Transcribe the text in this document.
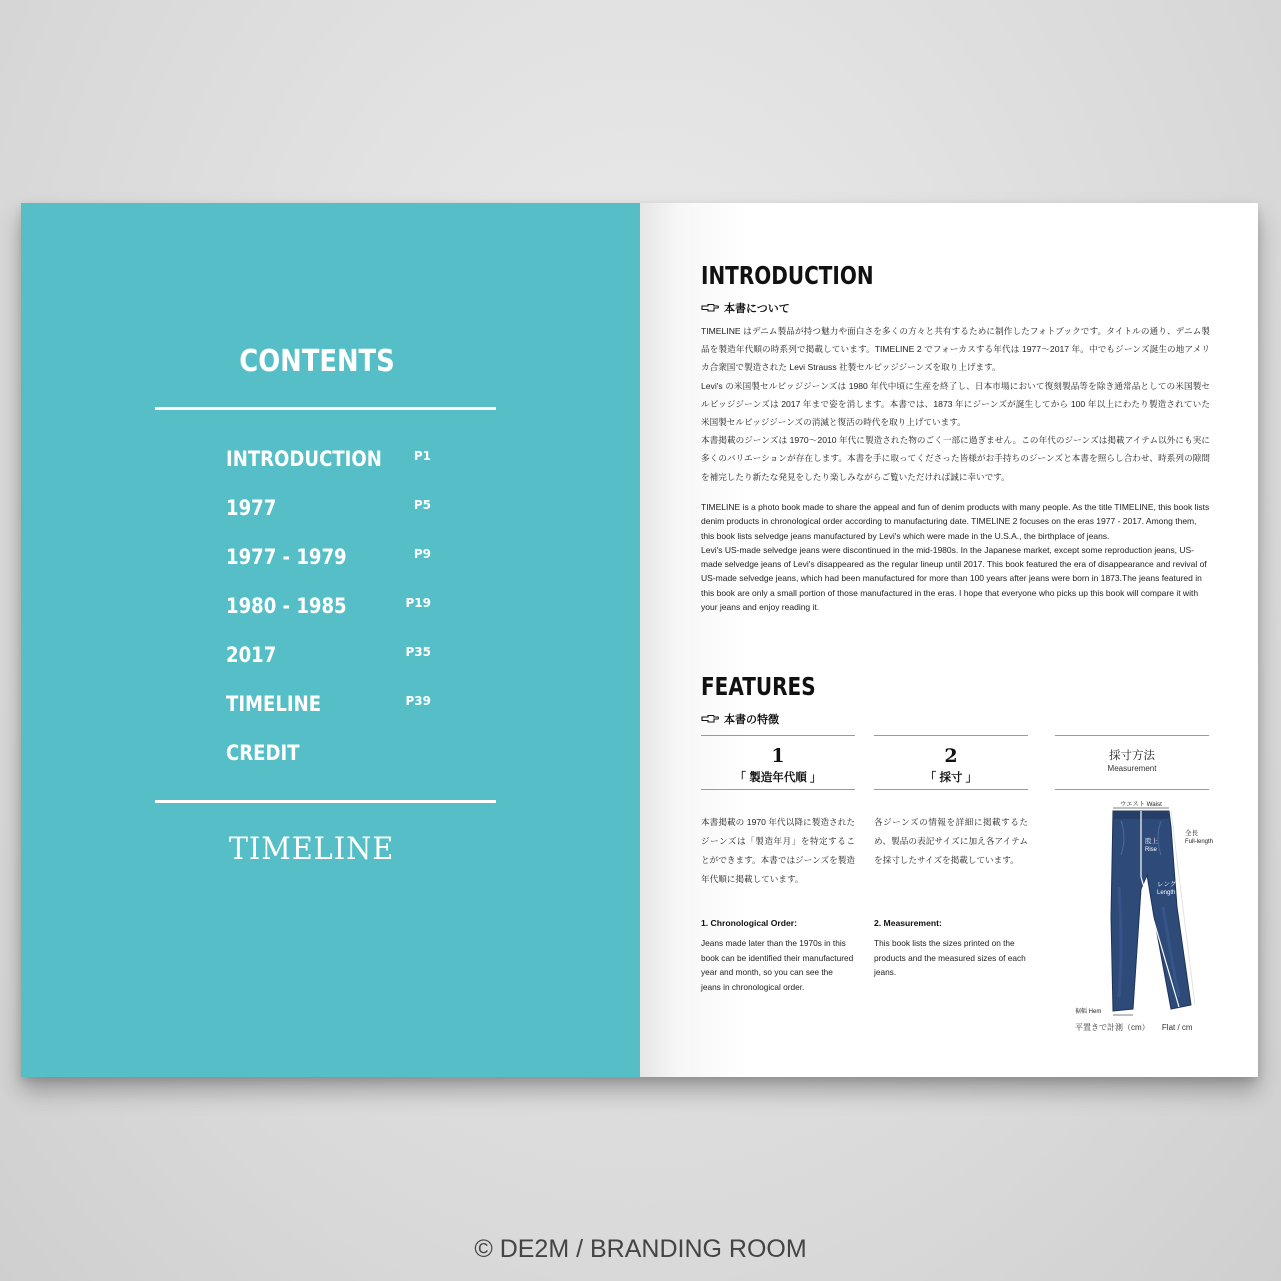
CONTENTS
INTRODUCTION	P1
1977	P5
1977 - 1979	P9
1980 - 1985	P19
2017	P35
TIMELINE	P39
CREDIT
TIMELINE
INTRODUCTION
本書について

TIMELINE はデニム製品が持つ魅力や面白さを多くの方々と共有するために制作したフォトブックです。タイトルの通り、デニム製品を製造年代順の時系列で掲載しています。TIMELINE 2 でフォーカスする年代は 1977〜2017 年。中でもジーンズ誕生の地アメリカ合衆国で製造された Levi Strauss 社製セルビッジジーンズを取り上げます。

Levi's の米国製セルビッジジーンズは 1980 年代中頃に生産を終了し、日本市場において復刻製品等を除き通常品としての米国製セルビッジジーンズは 2017 年まで姿を消します。本書では、1873 年にジーンズが誕生してから 100 年以上にわたり製造されていた米国製セルビッジジーンズの消滅と復活の時代を取り上げています。

本書掲載のジーンズは 1970〜2010 年代に製造された物のごく一部に過ぎません。この年代のジーンズは掲載アイテム以外にも実に多くのバリエーションが存在します。本書を手に取ってくださった皆様がお手持ちのジーンズと本書を照らし合わせ、時系列の隙間を補完したり新たな発見をしたり楽しみながらご覧いただければ誠に幸いです。

TIMELINE is a photo book made to share the appeal and fun of denim products with many people. As the title TIMELINE, this book lists denim products in chronological order according to manufacturing date. TIMELINE 2 focuses on the eras 1977 - 2017. Among them, this book lists selvedge jeans manufactured by Levi's which were made in the U.S.A., the birthplace of jeans.

Levi's US-made selvedge jeans were discontinued in the mid-1980s. In the Japanese market, except some reproduction jeans, US-made selvedge jeans of Levi's disappeared as the regular lineup until 2017. This book featured the era of disappearance and revival of US-made selvedge jeans, which had been manufactured for more than 100 years after jeans were born in 1873.The jeans featured in this book are only a small portion of those manufactured in the eras. I hope that everyone who picks up this book will compare it with your jeans and enjoy reading it.

FEATURES
本書の特徴
1
「 製造年代順 」
本書掲載の 1970 年代以降に製造されたジーンズは「製造年月」を特定することができます。本書ではジーンズを製造年代順に掲載しています。
1. Chronological Order:
Jeans made later than the 1970s in this book can be identified their manufactured year and month, so you can see the jeans in chronological order.
2
「 採寸 」
各ジーンズの情報を詳細に掲載するため、製品の表記サイズに加え各アイテムを採寸したサイズを掲載しています。
2. Measurement:
This book lists the sizes printed on the products and the measured sizes of each jeans.
採寸方法
Measurement
ウエスト Waist
股上
Rise
全長
Full-length
レングス
Length
裾幅 Hem
平置きで計測（cm） Flat / cm
© DE2M / BRANDING ROOM
